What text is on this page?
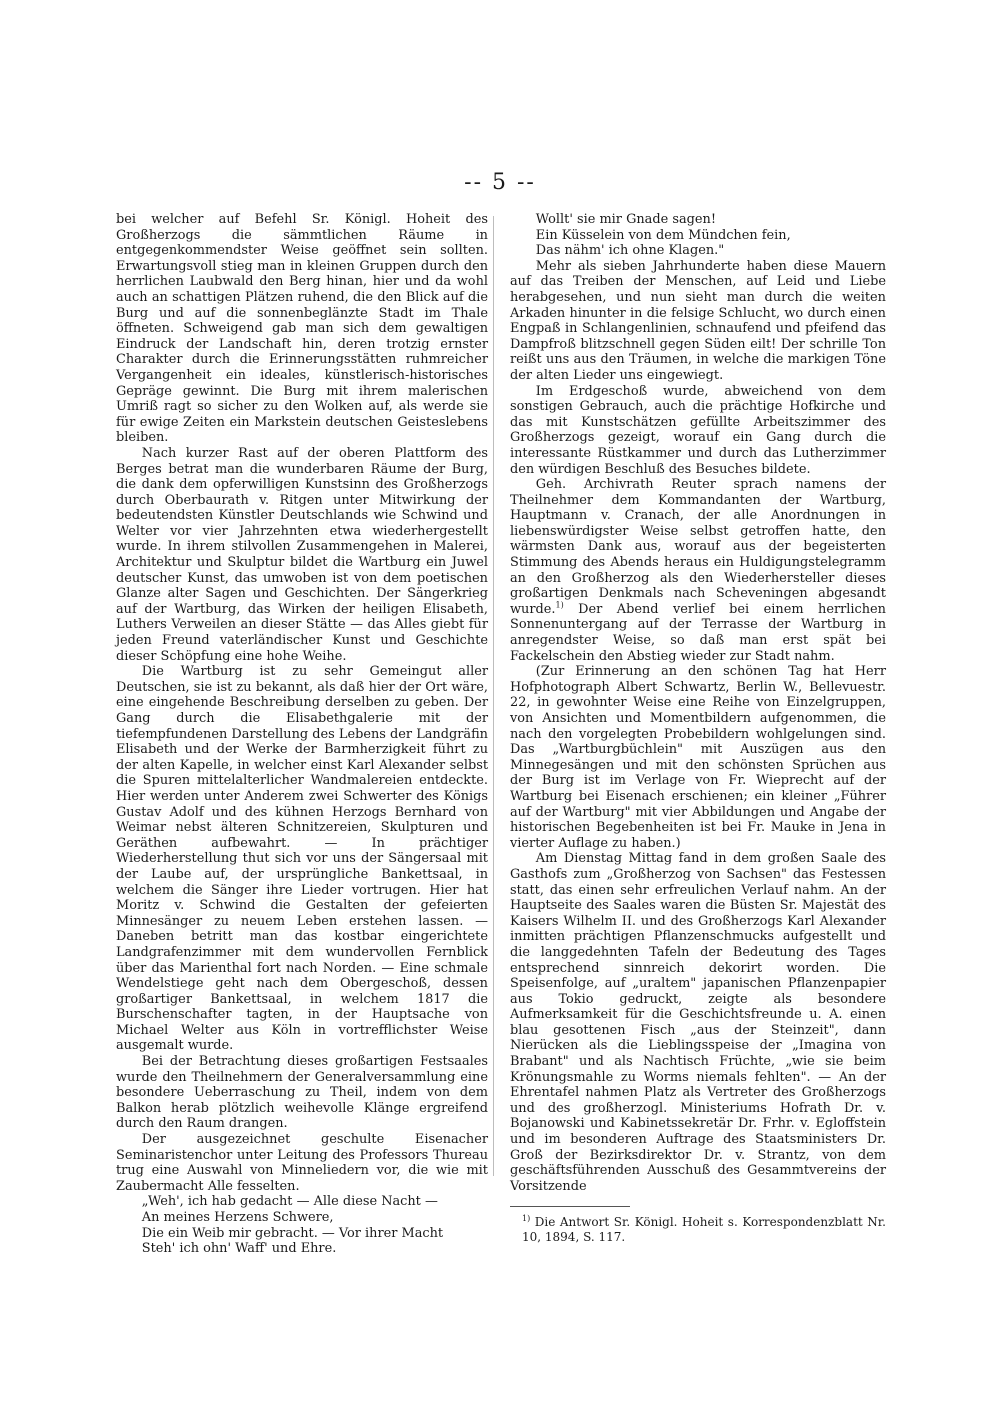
-- 5 --

bei welcher auf Befehl Sr. Königl. Hoheit des Großherzogs die sämmtlichen Räume in entgegenkommendster Weise geöffnet sein sollten. Erwartungsvoll stieg man in kleinen Gruppen durch den herrlichen Laubwald den Berg hinan, hier und da wohl auch an schattigen Plätzen ruhend, die den Blick auf die Burg und auf die sonnenbeglänzte Stadt im Thale öffneten. Schweigend gab man sich dem gewaltigen Eindruck der Landschaft hin, deren trotzig ernster Charakter durch die Erinnerungsstätten ruhmreicher Vergangenheit ein ideales, künstlerisch-historisches Gepräge gewinnt. Die Burg mit ihrem malerischen Umriß ragt so sicher zu den Wolken auf, als werde sie für ewige Zeiten ein Markstein deutschen Geisteslebens bleiben.

Nach kurzer Rast auf der oberen Plattform des Berges betrat man die wunderbaren Räume der Burg, die dank dem opferwilligen Kunstsinn des Großherzogs durch Oberbaurath v. Ritgen unter Mitwirkung der bedeutendsten Künstler Deutschlands wie Schwind und Welter vor vier Jahrzehnten etwa wiederhergestellt wurde. In ihrem stilvollen Zusammengehen in Malerei, Architektur und Skulptur bildet die Wartburg ein Juwel deutscher Kunst, das umwoben ist von dem poetischen Glanze alter Sagen und Geschichten. Der Sängerkrieg auf der Wartburg, das Wirken der heiligen Elisabeth, Luthers Verweilen an dieser Stätte — das Alles giebt für jeden Freund vaterländischer Kunst und Geschichte dieser Schöpfung eine hohe Weihe.

Die Wartburg ist zu sehr Gemeingut aller Deutschen, sie ist zu bekannt, als daß hier der Ort wäre, eine eingehende Beschreibung derselben zu geben. Der Gang durch die Elisabethgalerie mit der tiefempfundenen Darstellung des Lebens der Landgräfin Elisabeth und der Werke der Barmherzigkeit führt zu der alten Kapelle, in welcher einst Karl Alexander selbst die Spuren mittelalterlicher Wandmalereien entdeckte. Hier werden unter Anderem zwei Schwerter des Königs Gustav Adolf und des kühnen Herzogs Bernhard von Weimar nebst älteren Schnitzereien, Skulpturen und Geräthen aufbewahrt. — In prächtiger Wiederherstellung thut sich vor uns der Sängersaal mit der Laube auf, der ursprüngliche Bankettsaal, in welchem die Sänger ihre Lieder vortrugen. Hier hat Moritz v. Schwind die Gestalten der gefeierten Minnesänger zu neuem Leben erstehen lassen. — Daneben betritt man das kostbar eingerichtete Landgrafenzimmer mit dem wundervollen Fernblick über das Marienthal fort nach Norden. — Eine schmale Wendelstiege geht nach dem Obergeschoß, dessen großartiger Bankettsaal, in welchem 1817 die Burschenschafter tagten, in der Hauptsache von Michael Welter aus Köln in vortrefflichster Weise ausgemalt wurde.

Bei der Betrachtung dieses großartigen Festsaales wurde den Theilnehmern der Generalversammlung eine besondere Ueberraschung zu Theil, indem von dem Balkon herab plötzlich weihevolle Klänge ergreifend durch den Raum drangen.

Der ausgezeichnet geschulte Eisenacher Seminaristenchor unter Leitung des Professors Thureau trug eine Auswahl von Minneliedern vor, die wie mit Zaubermacht Alle fesselten.

„Weh', ich hab gedacht — Alle diese Nacht —
An meines Herzens Schwere,
Die ein Weib mir gebracht. — Vor ihrer Macht
Steh' ich ohn' Waff' und Ehre.
Wollt' sie mir Gnade sagen!
Ein Küsselein von dem Mündchen fein,
Das nähm' ich ohne Klagen."

Mehr als sieben Jahrhunderte haben diese Mauern auf das Treiben der Menschen, auf Leid und Liebe herabgesehen, und nun sieht man durch die weiten Arkaden hinunter in die felsige Schlucht, wo durch einen Engpaß in Schlangenlinien, schnaufend und pfeifend das Dampfroß blitzschnell gegen Süden eilt! Der schrille Ton reißt uns aus den Träumen, in welche die markigen Töne der alten Lieder uns eingewiegt.

Im Erdgeschoß wurde, abweichend von dem sonstigen Gebrauch, auch die prächtige Hofkirche und das mit Kunstschätzen gefüllte Arbeitszimmer des Großherzogs gezeigt, worauf ein Gang durch die interessante Rüstkammer und durch das Lutherzimmer den würdigen Beschluß des Besuches bildete.

Geh. Archivrath Reuter sprach namens der Theilnehmer dem Kommandanten der Wartburg, Hauptmann v. Cranach, der alle Anordnungen in liebenswürdigster Weise selbst getroffen hatte, den wärmsten Dank aus, worauf aus der begeisterten Stimmung des Abends heraus ein Huldigungstelegramm an den Großherzog als den Wiederhersteller dieses großartigen Denkmals nach Scheveningen abgesandt wurde.$^{1)}$ Der Abend verlief bei einem herrlichen Sonnenuntergang auf der Terrasse der Wartburg in anregendster Weise, so daß man erst spät bei Fackelschein den Abstieg wieder zur Stadt nahm.

(Zur Erinnerung an den schönen Tag hat Herr Hofphotograph Albert Schwartz, Berlin W., Bellevuestr. 22, in gewohnter Weise eine Reihe von Einzelgruppen, von Ansichten und Momentbildern aufgenommen, die nach den vorgelegten Probebildern wohlgelungen sind. Das „Wartburgbüchlein" mit Auszügen aus den Minnegesängen und mit den schönsten Sprüchen aus der Burg ist im Verlage von Fr. Wieprecht auf der Wartburg bei Eisenach erschienen; ein kleiner „Führer auf der Wartburg" mit vier Abbildungen und Angabe der historischen Begebenheiten ist bei Fr. Mauke in Jena in vierter Auflage zu haben.)

Am Dienstag Mittag fand in dem großen Saale des Gasthofs zum „Großherzog von Sachsen" das Festessen statt, das einen sehr erfreulichen Verlauf nahm. An der Hauptseite des Saales waren die Büsten Sr. Majestät des Kaisers Wilhelm II. und des Großherzogs Karl Alexander inmitten prächtigen Pflanzenschmucks aufgestellt und die langgedehnten Tafeln der Bedeutung des Tages entsprechend sinnreich dekorirt worden. Die Speisenfolge, auf „uraltem" japanischen Pflanzenpapier aus Tokio gedruckt, zeigte als besondere Aufmerksamkeit für die Geschichtsfreunde u. A. einen blau gesottenen Fisch „aus der Steinzeit", dann Nierücken als die Lieblingsspeise der „Imagina von Brabant" und als Nachtisch Früchte, „wie sie beim Krönungsmahle zu Worms niemals fehlten". — An der Ehrentafel nahmen Platz als Vertreter des Großherzogs und des großherzogl. Ministeriums Hofrath Dr. v. Bojanowski und Kabinetssekretär Dr. Frhr. v. Egloffstein und im besonderen Auftrage des Staatsministers Dr. Groß der Bezirksdirektor Dr. v. Strantz, von dem geschäftsführenden Ausschuß des Gesammtvereins der Vorsitzende

$^{1)}$ Die Antwort Sr. Königl. Hoheit s. Korrespondenzblatt Nr. 10, 1894, S. 117.
